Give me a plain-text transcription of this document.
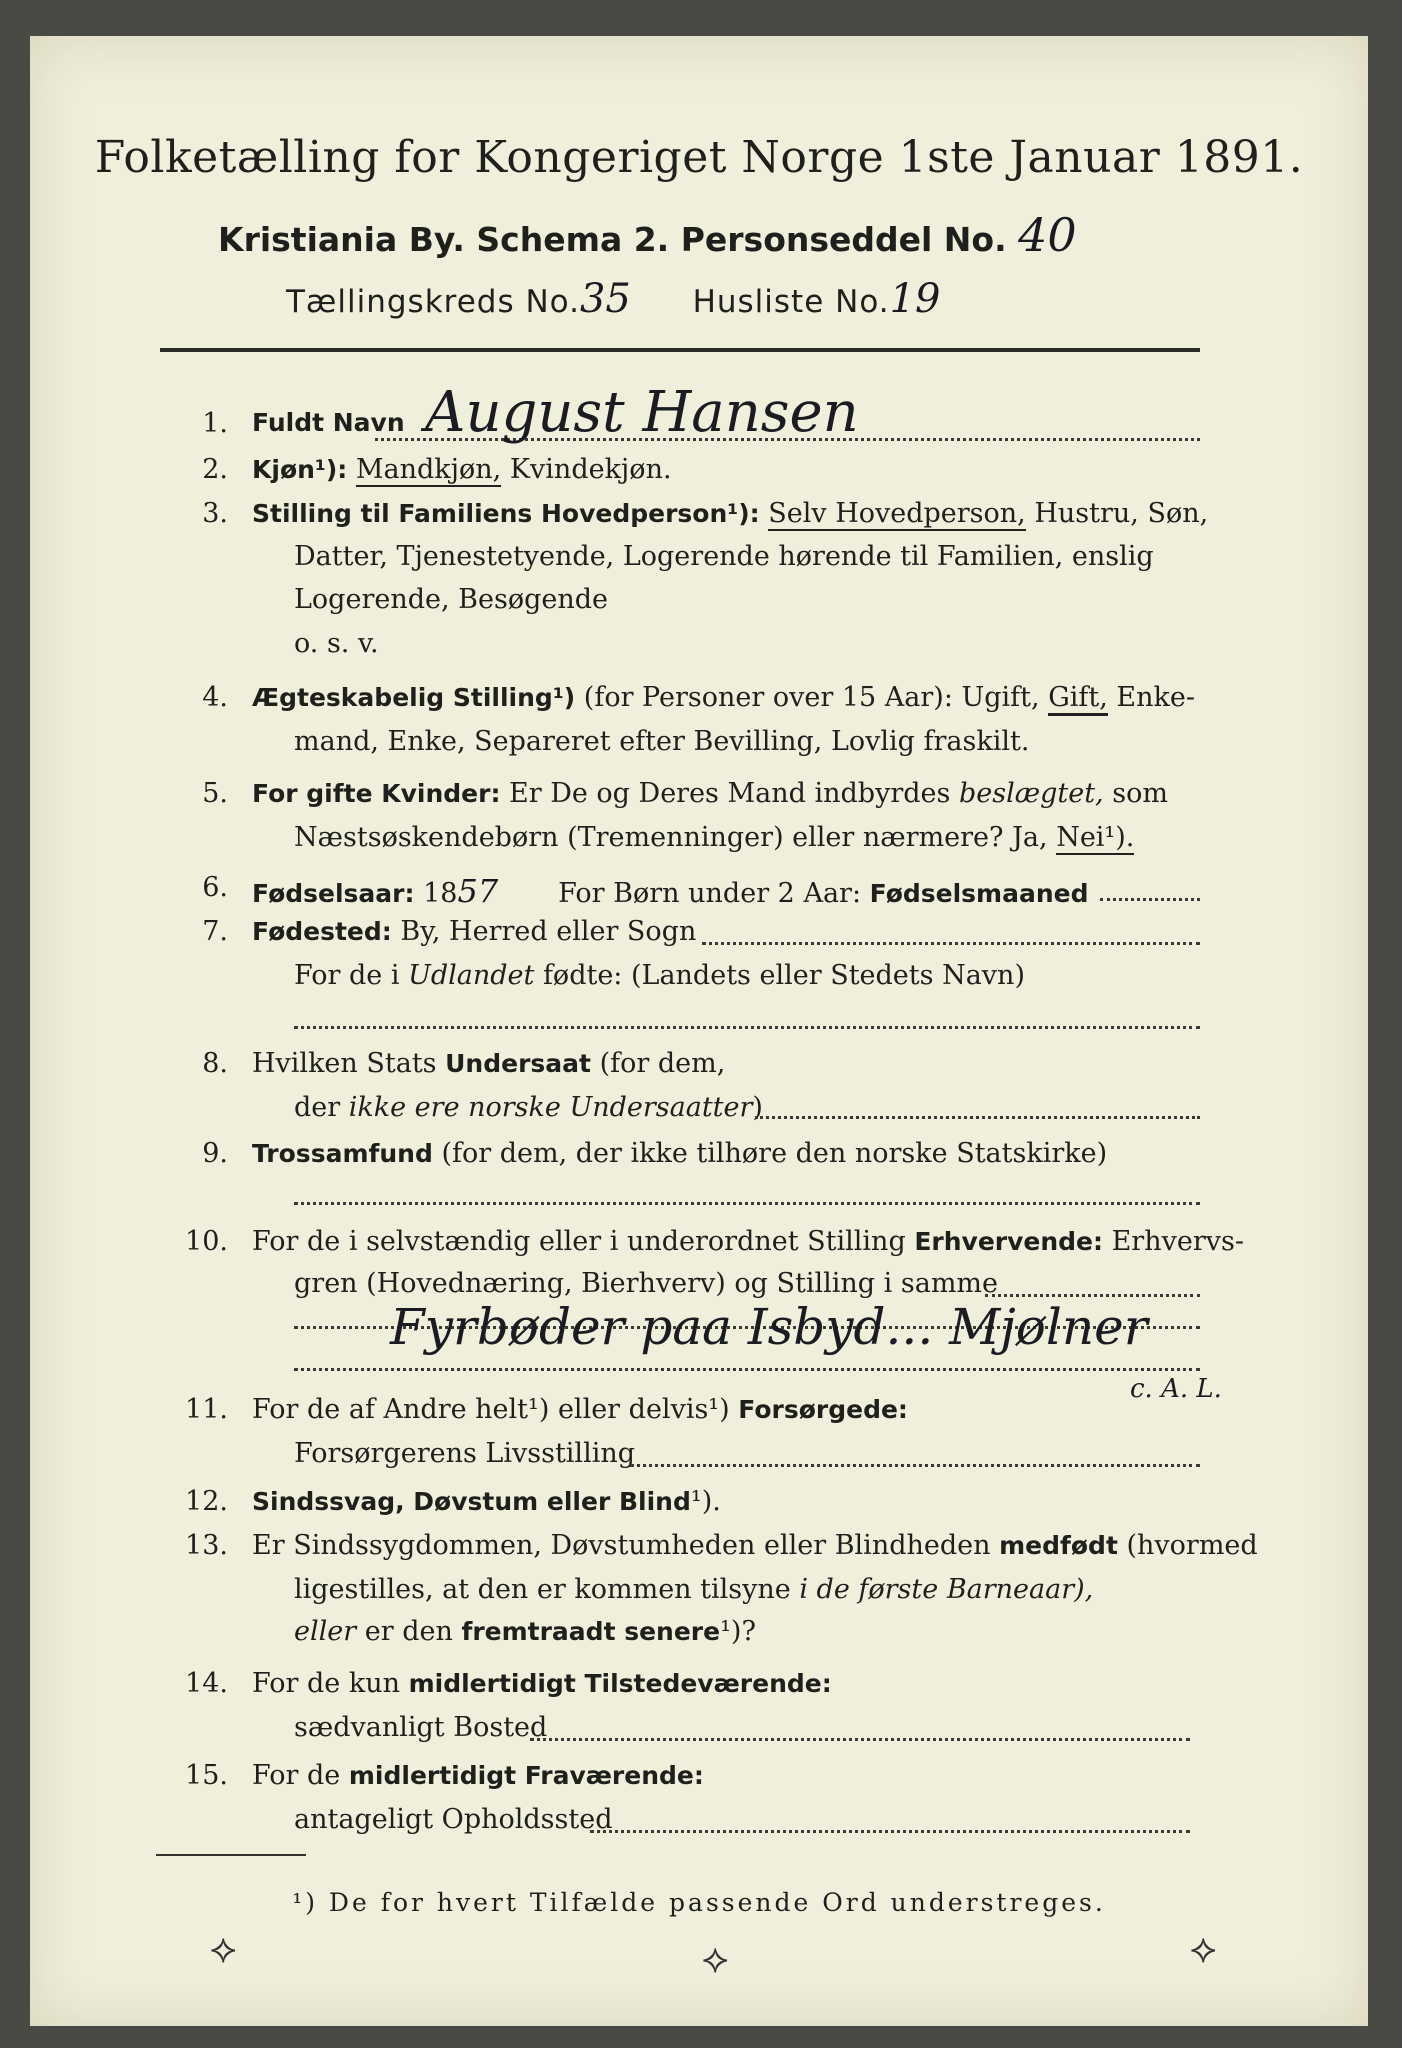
Folketælling for Kongeriget Norge 1ste Januar 1891.
Kristiania By. Schema 2. Personseddel No. 40
Tællingskreds No.35 Husliste No.19
1. Fuldt Navn August Hansen
2. Kjøn¹): Mandkjøn, Kvindekjøn.
3. Stilling til Familiens Hovedperson¹): Selv Hovedperson, Hustru, Søn,
Datter, Tjenestetyende, Logerende hørende til Familien, enslig
Logerende, Besøgende
o. s. v.
4. Ægteskabelig Stilling¹) (for Personer over 15 Aar): Ugift, Gift, Enke-
mand, Enke, Separeret efter Bevilling, Lovlig fraskilt.
5. For gifte Kvinder: Er De og Deres Mand indbyrdes beslægtet, som
Næstsøskendebørn (Tremenninger) eller nærmere? Ja, Nei¹).
6. Fødselsaar: 1857 For Børn under 2 Aar: Fødselsmaaned
7. Fødested: By, Herred eller Sogn
For de i Udlandet fødte: (Landets eller Stedets Navn)
8. Hvilken Stats Undersaat (for dem,
der ikke ere norske Undersaatter)
9. Trossamfund (for dem, der ikke tilhøre den norske Statskirke)
10. For de i selvstændig eller i underordnet Stilling Erhvervende: Erhvervs-
gren (Hovednæring, Bierhverv) og Stilling i samme
Fyrbøder paa Isbyd... Mjølner
c. A. L.
11. For de af Andre helt¹) eller delvis¹) Forsørgede:
Forsørgerens Livsstilling
12. Sindssvag, Døvstum eller Blind¹).
13. Er Sindssygdommen, Døvstumheden eller Blindheden medfødt (hvormed
ligestilles, at den er kommen tilsyne i de første Barneaar),
eller er den fremtraadt senere¹)?
14. For de kun midlertidigt Tilstedeværende:
sædvanligt Bosted
15. For de midlertidigt Fraværende:
antageligt Opholdssted
¹) De for hvert Tilfælde passende Ord understreges.
⟡	⟡	⟡
